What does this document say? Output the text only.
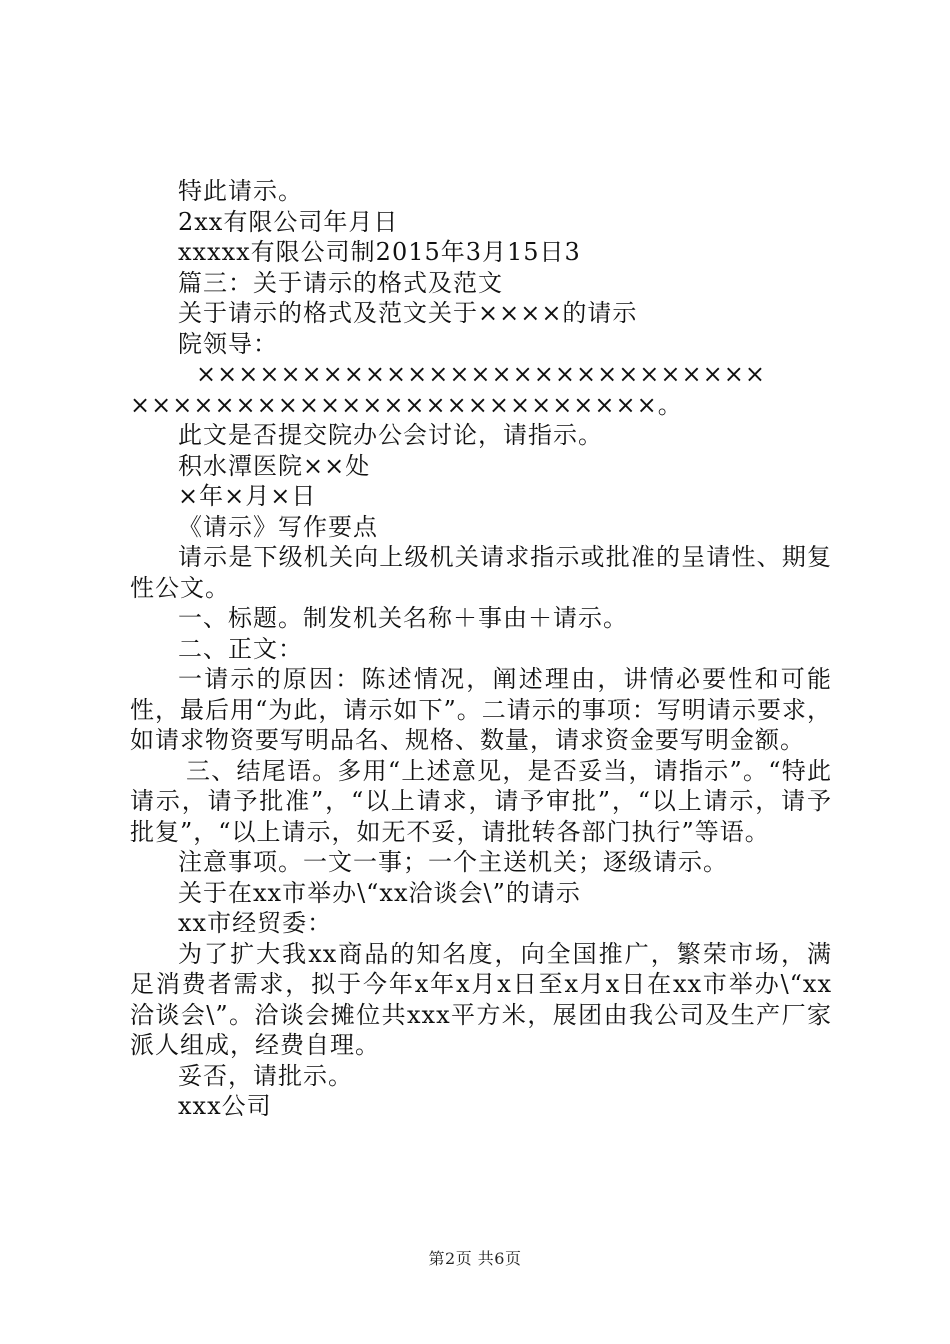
特此请示。

2xx有限公司年月日

xxxxx有限公司制2015年3月15日3

篇三：关于请示的格式及范文

关于请示的格式及范文关于××××的请示

院领导：

×××××××××××××××××××××××××××

×××××××××××××××××××××××××。

此文是否提交院办公会讨论，请指示。

积水潭医院××处

×年×月×日

《请示》写作要点

请示是下级机关向上级机关请求指示或批准的呈请性、期复性公文。

一、标题。制发机关名称＋事由＋请示。

二、正文：

一请示的原因：陈述情况，阐述理由，讲情必要性和可能性，最后用“为此，请示如下”。二请示的事项：写明请示要求，如请求物资要写明品名、规格、数量，请求资金要写明金额。

三、结尾语。多用“上述意见，是否妥当，请指示”。“特此请示，请予批准”，“以上请求，请予审批”，“以上请示，请予批复”，“以上请示，如无不妥，请批转各部门执行”等语。

注意事项。一文一事；一个主送机关；逐级请示。

关于在xx市举办\“xx洽谈会\”的请示

xx市经贸委：

为了扩大我xx商品的知名度，向全国推广，繁荣市场，满足消费者需求，拟于今年x年x月x日至x月x日在xx市举办\“xx洽谈会\”。洽谈会摊位共xxx平方米，展团由我公司及生产厂家派人组成，经费自理。

妥否，请批示。

xxx公司

第2页 共6页
